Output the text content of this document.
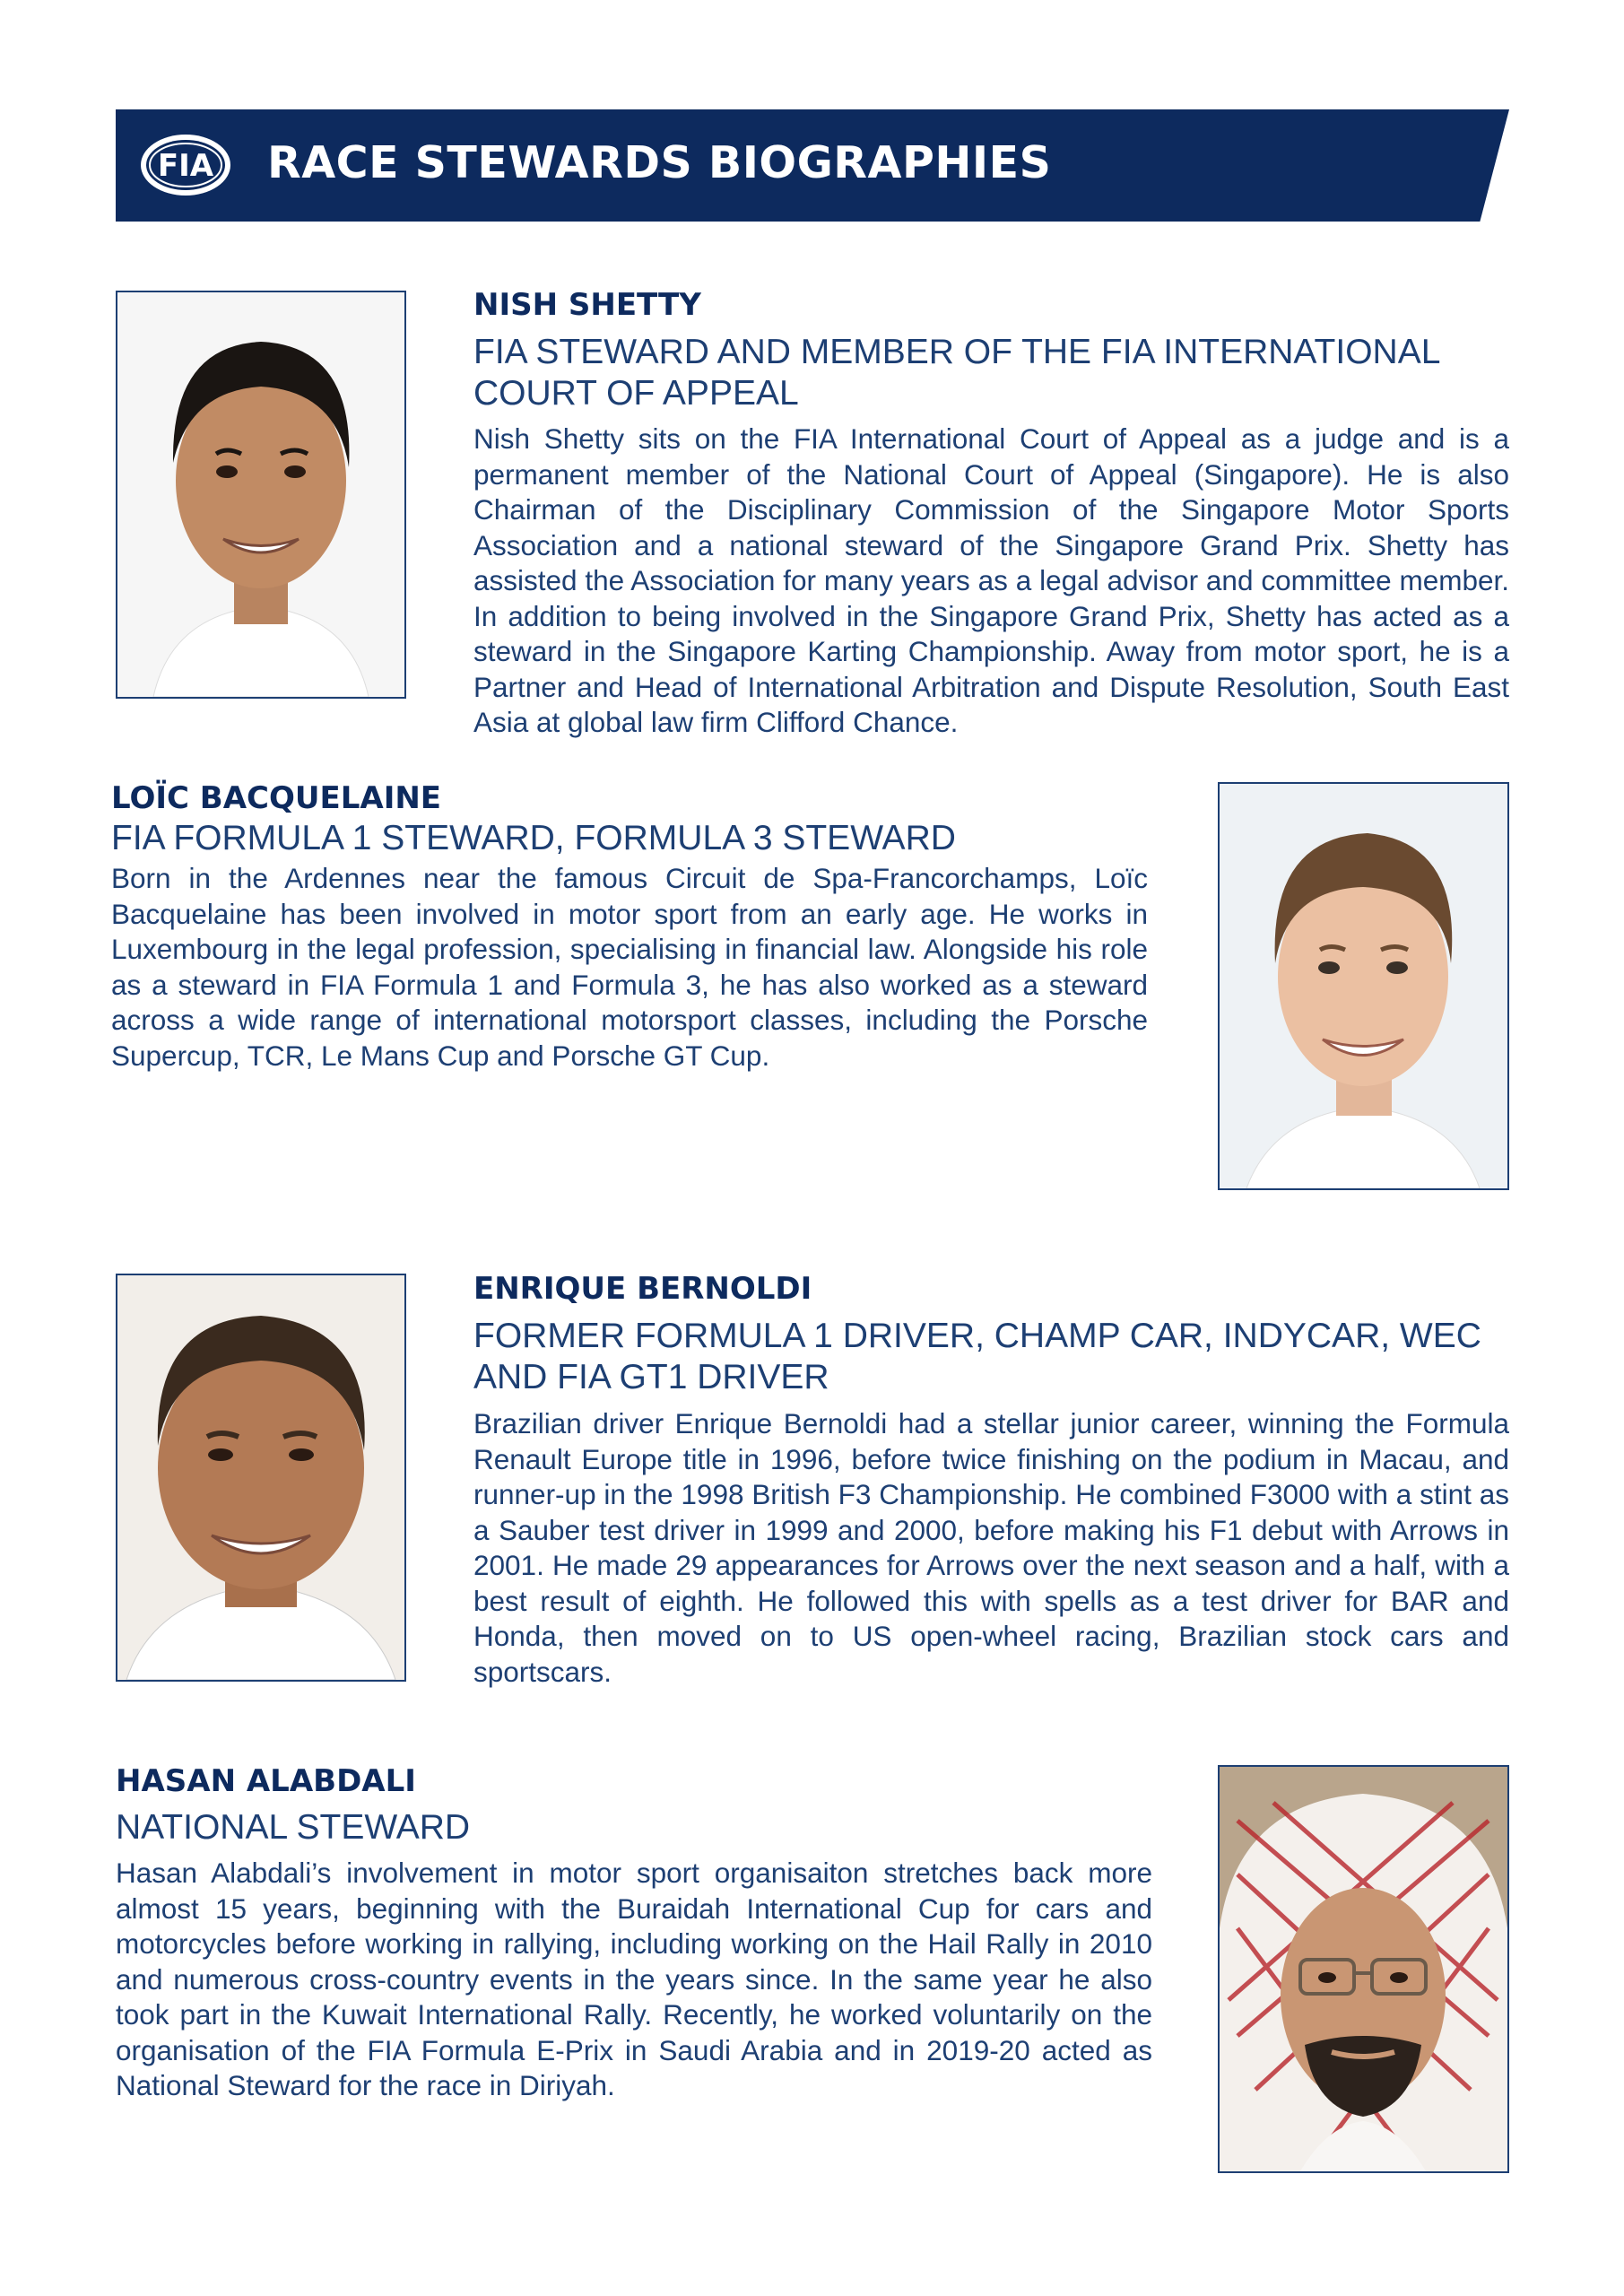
FIA RACE STEWARDS BIOGRAPHIES
NISH SHETTY
FIA STEWARD AND MEMBER OF THE FIA INTERNATIONAL COURT OF APPEAL
Nish Shetty sits on the FIA International Court of Appeal as a judge and is a permanent member of the National Court of Appeal (Singapore). He is also Chairman of the Disciplinary Commission of the Singapore Motor Sports Association and a national steward of the Singapore Grand Prix. Shetty has assisted the Association for many years as a legal advisor and committee member. In addition to being involved in the Singapore Grand Prix, Shetty has acted as a steward in the Singapore Karting Championship. Away from motor sport, he is a Partner and Head of International Arbitration and Dispute Resolution, South East Asia at global law firm Clifford Chance.
LOÏC BACQUELAINE
FIA FORMULA 1 STEWARD, FORMULA 3 STEWARD
Born in the Ardennes near the famous Circuit de Spa-Francorchamps, Loïc Bacquelaine has been involved in motor sport from an early age. He works in Luxembourg in the legal profession, specialising in financial law. Alongside his role as a steward in FIA Formula 1 and Formula 3, he has also worked as a steward across a wide range of international motorsport classes, including the Porsche Supercup, TCR, Le Mans Cup and Porsche GT Cup.
ENRIQUE BERNOLDI
FORMER FORMULA 1 DRIVER, CHAMP CAR, INDYCAR, WEC AND FIA GT1 DRIVER
Brazilian driver Enrique Bernoldi had a stellar junior career, winning the Formula Renault Europe title in 1996, before twice finishing on the podium in Macau, and runner-up in the 1998 British F3 Championship. He combined F3000 with a stint as a Sauber test driver in 1999 and 2000, before making his F1 debut with Arrows in 2001. He made 29 appearances for Arrows over the next season and a half, with a best result of eighth. He followed this with spells as a test driver for BAR and Honda, then moved on to US open-wheel racing, Brazilian stock cars and sportscars.
HASAN ALABDALI
NATIONAL STEWARD
Hasan Alabdali’s involvement in motor sport organisaiton stretches back more almost 15 years, beginning with the Buraidah International Cup for cars and motorcycles before working in rallying, including working on the Hail Rally in 2010 and numerous cross-country events in the years since. In the same year he also took part in the Kuwait International Rally. Recently, he worked voluntarily on the organisation of the FIA Formula E-Prix in Saudi Arabia and in 2019-20 acted as National Steward for the race in Diriyah.
